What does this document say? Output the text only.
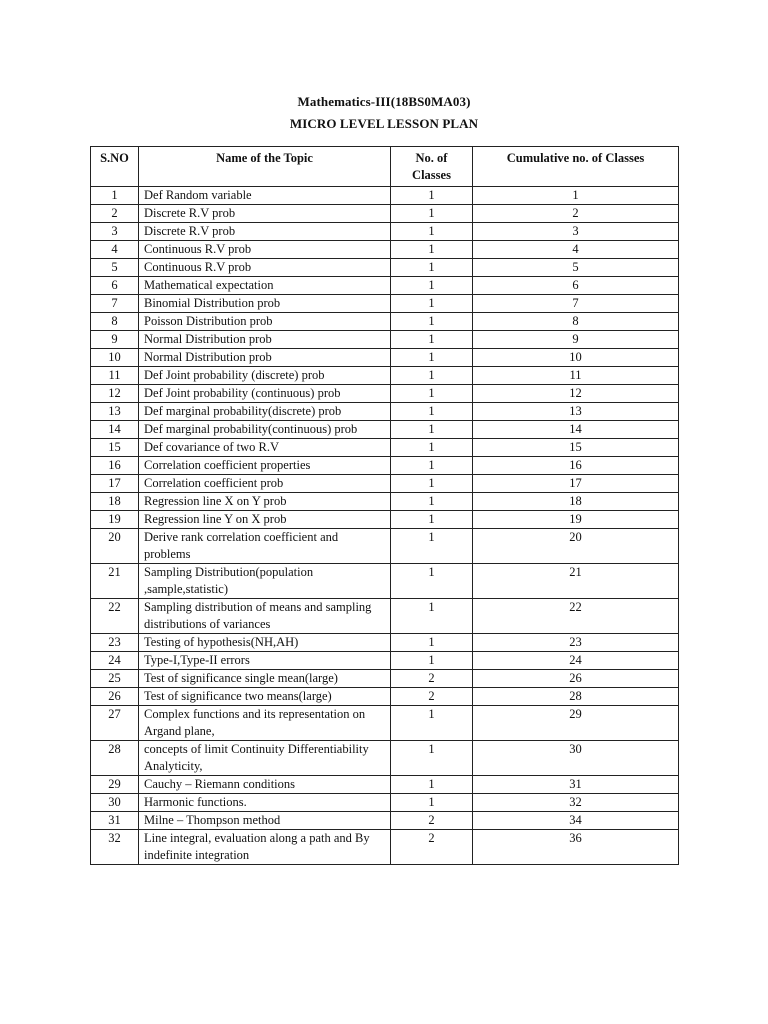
Mathematics-III(18BS0MA03)
MICRO LEVEL LESSON PLAN
S.NO	Name of the Topic	No. of Classes	Cumulative no. of Classes
1	Def Random variable	1	1
2	Discrete R.V prob	1	2
3	Discrete R.V prob	1	3
4	Continuous R.V prob	1	4
5	Continuous R.V prob	1	5
6	Mathematical expectation	1	6
7	Binomial Distribution prob	1	7
8	Poisson Distribution prob	1	8
9	Normal Distribution prob	1	9
10	Normal Distribution prob	1	10
11	Def Joint probability (discrete) prob	1	11
12	Def Joint probability (continuous) prob	1	12
13	Def marginal probability(discrete) prob	1	13
14	Def marginal probability(continuous) prob	1	14
15	Def covariance of two R.V	1	15
16	Correlation coefficient properties	1	16
17	Correlation coefficient prob	1	17
18	Regression line X on Y prob	1	18
19	Regression line Y on X prob	1	19
20	Derive rank correlation coefficient and problems	1	20
21	Sampling Distribution(population ,sample,statistic)	1	21
22	Sampling distribution of means and sampling distributions of variances	1	22
23	Testing of hypothesis(NH,AH)	1	23
24	Type-I,Type-II errors	1	24
25	Test of significance single mean(large)	2	26
26	Test of significance two means(large)	2	28
27	Complex functions and its representation on Argand plane,	1	29
28	concepts of limit Continuity Differentiability Analyticity,	1	30
29	Cauchy – Riemann conditions	1	31
30	Harmonic functions.	1	32
31	Milne – Thompson method	2	34
32	Line integral, evaluation along a path and By indefinite integration	2	36
